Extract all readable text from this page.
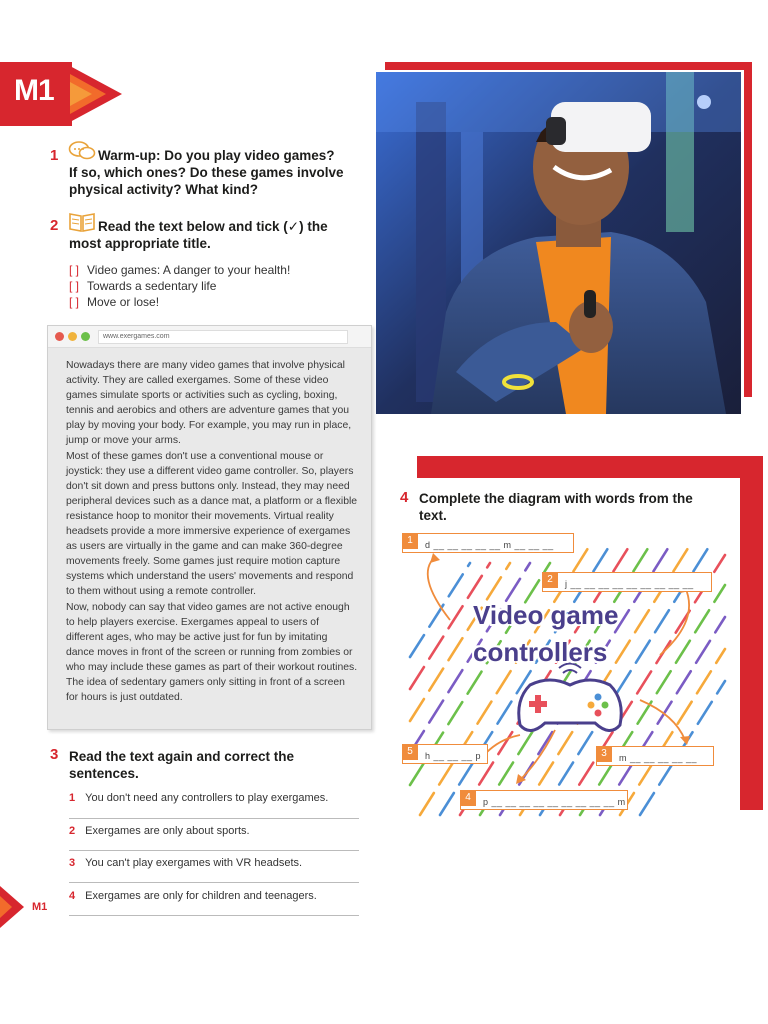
M1
1	Warm-up: Do you play video games?
If so, which ones? Do these games involve
physical activity? What kind?
2	Read the text below and tick (✓) the
most appropriate title.
[ ] Video games: A danger to your health!
[ ] Towards a sedentary life
[ ] Move or lose!
www.exergames.com

Nowadays there are many video games that involve physical activity. They are called exergames. Some of these video games simulate sports or activities such as cycling, boxing, tennis and aerobics and others are adventure games that you play by moving your body. For example, you may run in place, jump or move your arms.

Most of these games don't use a conventional mouse or joystick: they use a different video game controller. So, players don't sit down and press buttons only. Instead, they may need peripheral devices such as a dance mat, a platform or a flexible resistance hoop to monitor their movements. Virtual reality headsets provide a more immersive experience of exergames as users are virtually in the game and can make 360-degree movements freely. Some games just require motion capture systems which understand the users' movements and respond to them without using a remote controller.

Now, nobody can say that video games are not active enough to help players exercise. Exergames appeal to users of different ages, who may be active just for fun by imitating dance moves in front of the screen or running from zombies or who may include these games as part of their workout routines. The idea of sedentary gamers only sitting in front of a screen for hours is just outdated.

3 Read the text again and correct the
sentences.
1 You don't need any controllers to play exergames.
2 Exergames are only about sports.
3 You can't play exergames with VR headsets.
4 Exergames are only for children and teenagers.
M1
4 Complete the diagram with words from the
text.
Video game
controllers
1	d __ __ __ __ __ m __ __ __
2	j __ __ __ __ __ __ __ __ __
3	m __ __ __ __ __
4	p __ __ __ __ __ __ __ __ __ m
5	h __ __ __ p
